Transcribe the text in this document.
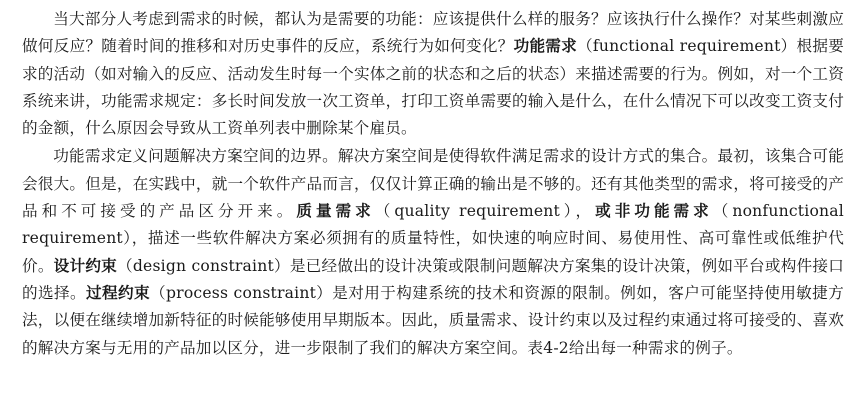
当大部分人考虑到需求的时候，都认为是需要的功能：应该提供什么样的服务？应该执行什么操作？对某些刺激应做何反应？随着时间的推移和对历史事件的反应，系统行为如何变化？功能需求（functional requirement）根据要求的活动（如对输入的反应、活动发生时每一个实体之前的状态和之后的状态）来描述需要的行为。例如，对一个工资系统来讲，功能需求规定：多长时间发放一次工资单，打印工资单需要的输入是什么，在什么情况下可以改变工资支付的金额，什么原因会导致从工资单列表中删除某个雇员。

功能需求定义问题解决方案空间的边界。解决方案空间是使得软件满足需求的设计方式的集合。最初，该集合可能会很大。但是，在实践中，就一个软件产品而言，仅仅计算正确的输出是不够的。还有其他类型的需求，将可接受的产品和不可接受的产品区分开来。质量需求（quality requirement），或非功能需求（nonfunctional requirement），描述一些软件解决方案必须拥有的质量特性，如快速的响应时间、易使用性、高可靠性或低维护代价。设计约束（design constraint）是已经做出的设计决策或限制问题解决方案集的设计决策，例如平台或构件接口的选择。过程约束（process constraint）是对用于构建系统的技术和资源的限制。例如，客户可能坚持使用敏捷方法，以便在继续增加新特征的时候能够使用早期版本。因此，质量需求、设计约束以及过程约束通过将可接受的、喜欢的解决方案与无用的产品加以区分，进一步限制了我们的解决方案空间。表4-2给出每一种需求的例子。
